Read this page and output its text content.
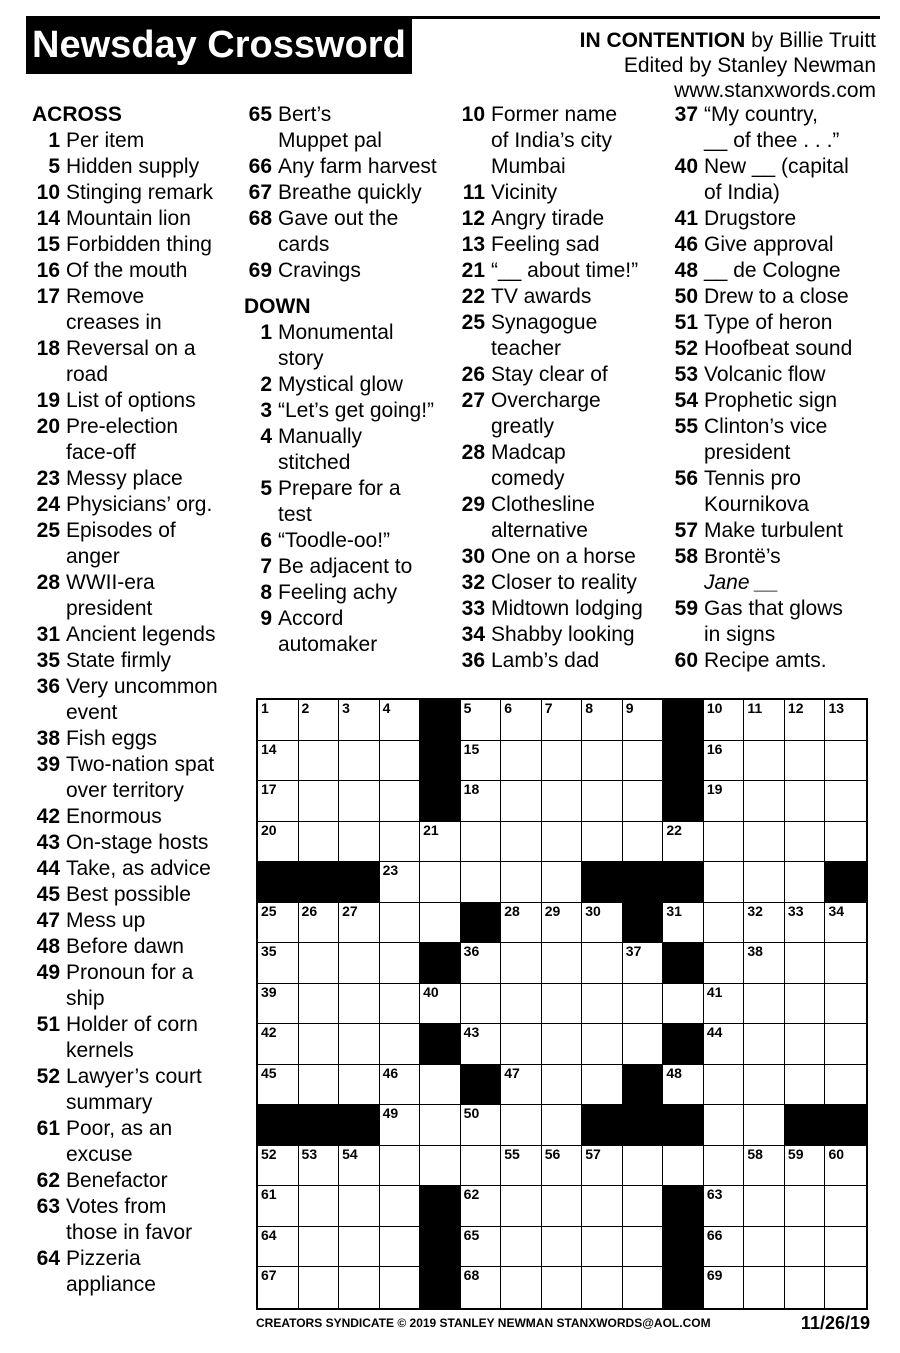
Newsday Crossword	IN CONTENTION by Billie Truitt
Edited by Stanley Newman
www.stanxwords.com
ACROSS
1 Per item
5 Hidden supply
10 Stinging remark
14 Mountain lion
15 Forbidden thing
16 Of the mouth
17 Remove
creases in
18 Reversal on a
road
19 List of options
20 Pre-election
face-off
23 Messy place
24 Physicians’ org.
25 Episodes of
anger
28 WWII-era
president
31 Ancient legends
35 State firmly
36 Very uncommon
event
38 Fish eggs
39 Two-nation spat
over territory
42 Enormous
43 On-stage hosts
44 Take, as advice
45 Best possible
47 Mess up
48 Before dawn
49 Pronoun for a
ship
51 Holder of corn
kernels
52 Lawyer’s court
summary
61 Poor, as an
excuse
62 Benefactor
63 Votes from
those in favor
64 Pizzeria
appliance
65 Bert’s
Muppet pal
66 Any farm harvest
67 Breathe quickly
68 Gave out the
cards
69 Cravings
DOWN
1 Monumental
story
2 Mystical glow
3 “Let’s get going!”
4 Manually
stitched
5 Prepare for a
test
6 “Toodle-oo!”
7 Be adjacent to
8 Feeling achy
9 Accord
automaker
10 Former name
of India’s city
Mumbai
11 Vicinity
12 Angry tirade
13 Feeling sad
21 “__ about time!”
22 TV awards
25 Synagogue
teacher
26 Stay clear of
27 Overcharge
greatly
28 Madcap
comedy
29 Clothesline
alternative
30 One on a horse
32 Closer to reality
33 Midtown lodging
34 Shabby looking
36 Lamb’s dad
37 “My country,
__ of thee . . .”
40 New __ (capital
of India)
41 Drugstore
46 Give approval
48 __ de Cologne
50 Drew to a close
51 Type of heron
52 Hoofbeat sound
53 Volcanic flow
54 Prophetic sign
55 Clinton’s vice
president
56 Tennis pro
Kournikova
57 Make turbulent
58 Brontë’s
Jane __
59 Gas that glows
in signs
60 Recipe amts.
1 2 3 4	5 6 7 8 9	10 11 12 13
14	15	16
17	18	19
20	21	22
23
25 26 27	28 29 30	31	32 33 34
35	36	37	38
39	40	41
42	43	44
45	46	47	48
49	50
52 53 54	55 56 57	58 59 60
61	62	63
64	65	66
67	68	69
CREATORS SYNDICATE © 2019 STANLEY NEWMAN STANXWORDS@AOL.COM	11/26/19
